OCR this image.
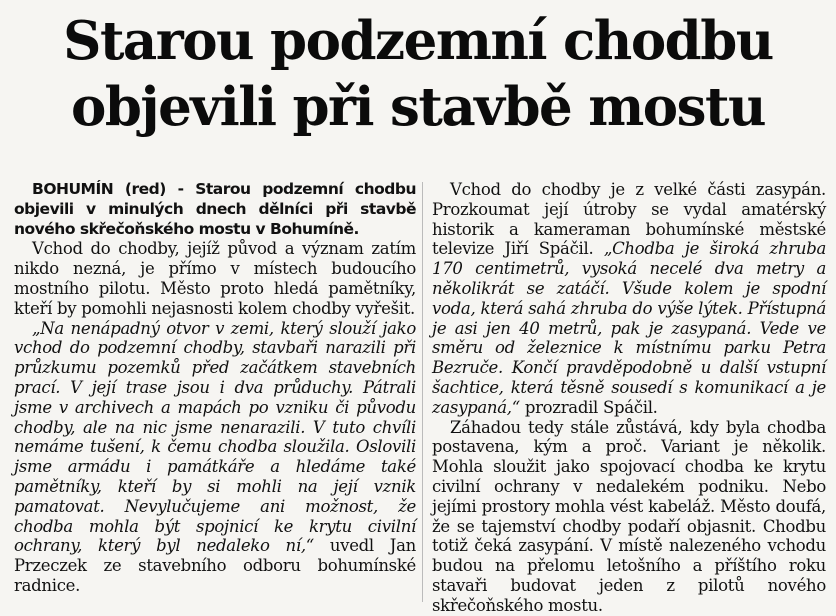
Starou podzemní chodbu
objevili při stavbě mostu

BOHUMÍN (red) - Starou podzemní chodbu objevili v minulých dnech dělníci při stavbě nového skřečoňského mostu v Bohumíně.

Vchod do chodby, jejíž původ a význam zatím nikdo nezná, je přímo v místech budoucího mostního pilotu. Město proto hledá pamětníky, kteří by pomohli nejasnosti kolem chodby vyřešit.

„Na nenápadný otvor v zemi, který slouží jako vchod do podzemní chodby, stavbaři narazili při průzkumu pozemků před začátkem stavebních prací. V její trase jsou i dva průduchy. Pátrali jsme v archivech a mapách po vzniku či původu chodby, ale na nic jsme nenarazili. V tuto chvíli nemáme tušení, k čemu chodba sloužila. Oslovili jsme armádu i památkáře a hledáme také pamětníky, kteří by si mohli na její vznik pamatovat. Nevylučujeme ani možnost, že chodba mohla být spojnicí ke krytu civilní ochrany, který byl nedaleko ní,“ uvedl Jan Przeczek ze stavebního odboru bohumínské radnice.

Vchod do chodby je z velké části zasypán. Prozkoumat její útroby se vydal amatérský historik a kameraman bohumínské městské televize Jiří Spáčil. „Chodba je široká zhruba 170 centimetrů, vysoká necelé dva metry a několikrát se zatáčí. Všude kolem je spodní voda, která sahá zhruba do výše lýtek. Přístupná je asi jen 40 metrů, pak je zasypaná. Vede ve směru od železnice k místnímu parku Petra Bezruče. Končí pravděpodobně u další vstupní šachtice, která těsně sousedí s komunikací a je zasypaná,“ prozradil Spáčil.

Záhadou tedy stále zůstává, kdy byla chodba postavena, kým a proč. Variant je několik. Mohla sloužit jako spojovací chodba ke krytu civilní ochrany v nedalekém podniku. Nebo jejími prostory mohla vést kabeláž. Město doufá, že se tajemství chodby podaří objasnit. Chodbu totiž čeká zasypání. V místě nalezeného vchodu budou na přelomu letošního a příštího roku stavaři budovat jeden z pilotů nového skřečoňského mostu.
